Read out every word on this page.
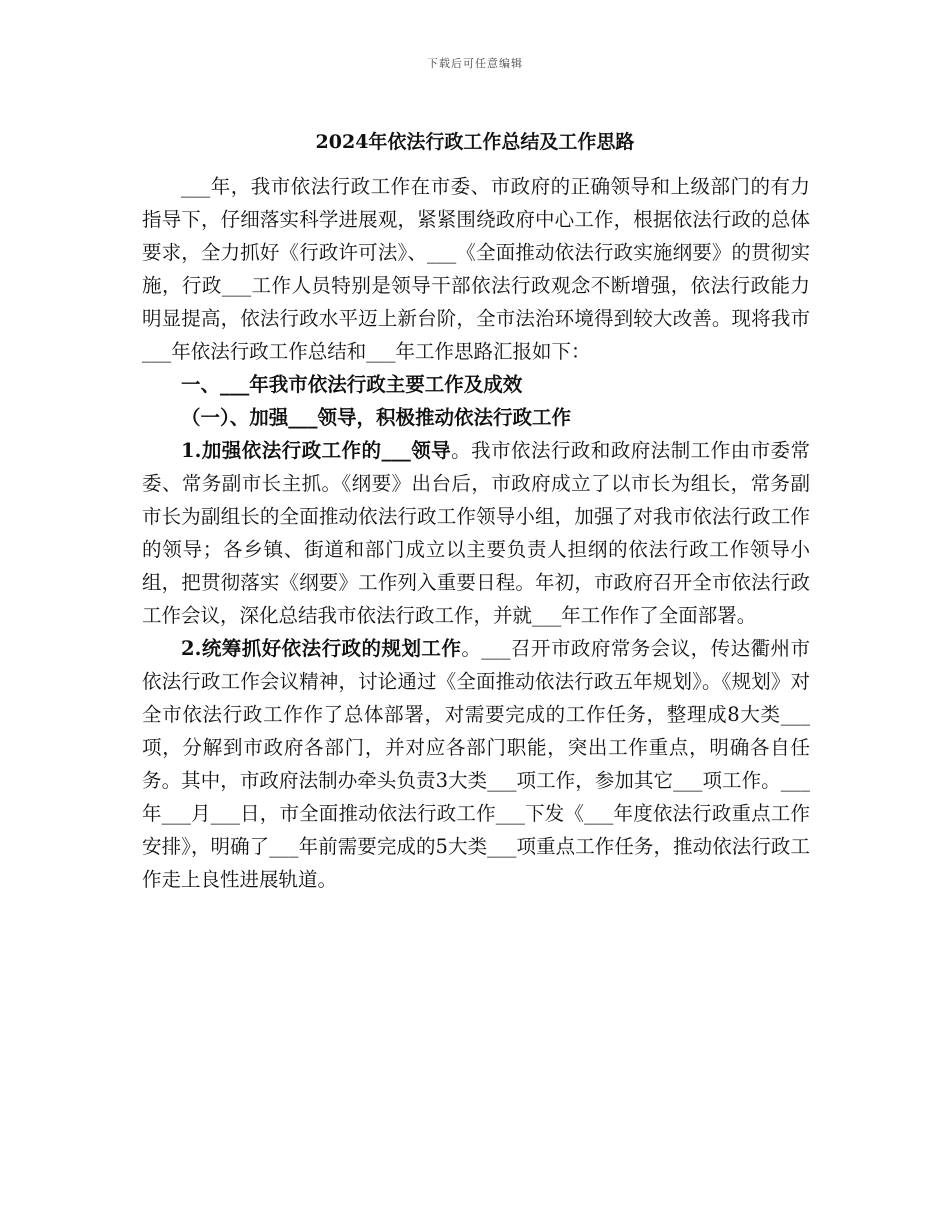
下载后可任意编辑
2024年依法行政工作总结及工作思路

___年，我市依法行政工作在市委、市政府的正确领导和上级部门的有力指导下，仔细落实科学进展观，紧紧围绕政府中心工作，根据依法行政的总体要求，全力抓好《行政许可法》、___《全面推动依法行政实施纲要》的贯彻实施，行政___工作人员特别是领导干部依法行政观念不断增强，依法行政能力明显提高，依法行政水平迈上新台阶，全市法治环境得到较大改善。现将我市___年依法行政工作总结和___年工作思路汇报如下：

一、___年我市依法行政主要工作及成效

（一）、加强___领导，积极推动依法行政工作

1.加强依法行政工作的___领导。我市依法行政和政府法制工作由市委常委、常务副市长主抓。《纲要》出台后，市政府成立了以市长为组长，常务副市长为副组长的全面推动依法行政工作领导小组，加强了对我市依法行政工作的领导；各乡镇、街道和部门成立以主要负责人担纲的依法行政工作领导小组，把贯彻落实《纲要》工作列入重要日程。年初，市政府召开全市依法行政工作会议，深化总结我市依法行政工作，并就___年工作作了全面部署。

2.统筹抓好依法行政的规划工作。___召开市政府常务会议，传达衢州市依法行政工作会议精神，讨论通过《全面推动依法行政五年规划》。《规划》对全市依法行政工作作了总体部署，对需要完成的工作任务，整理成8大类___项，分解到市政府各部门，并对应各部门职能，突出工作重点，明确各自任务。其中，市政府法制办牵头负责3大类___项工作，参加其它___项工作。___年___月___日，市全面推动依法行政工作___下发《___年度依法行政重点工作安排》，明确了___年前需要完成的5大类___项重点工作任务，推动依法行政工作走上良性进展轨道。
